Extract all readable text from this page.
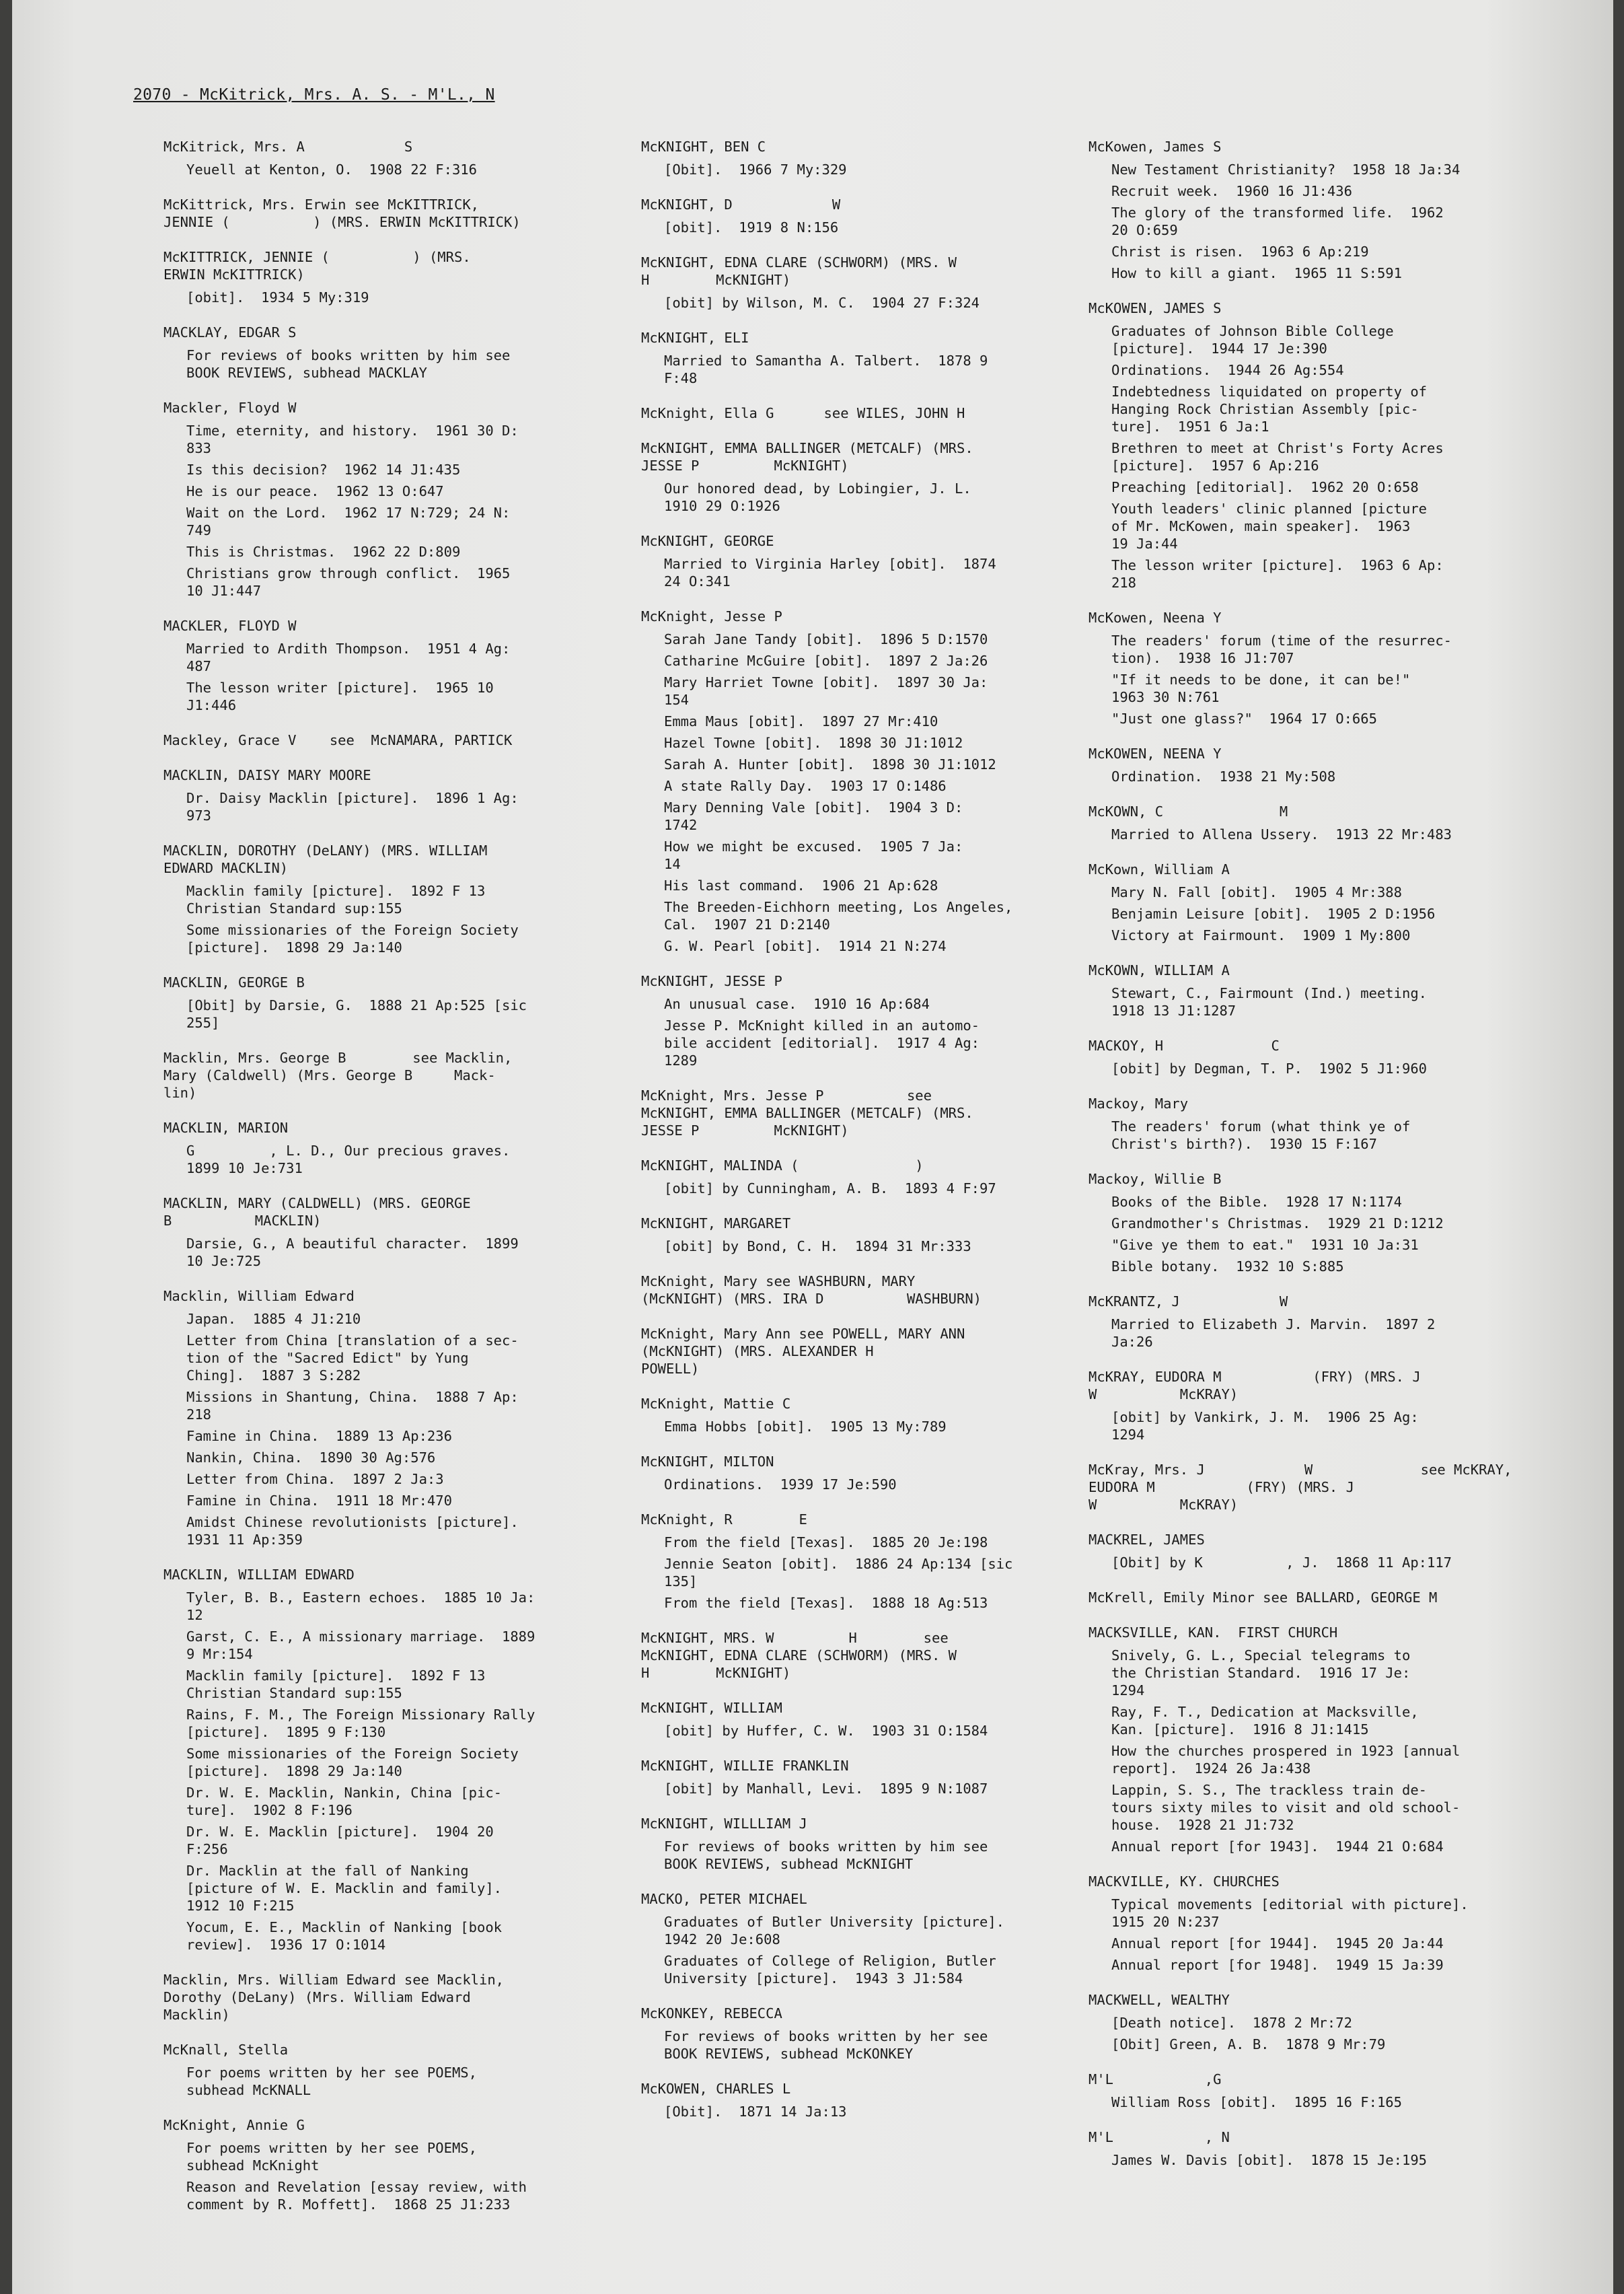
2070 - McKitrick, Mrs. A. S. - M'L., N
McKitrick, Mrs. A            S
Yeuell at Kenton, O.  1908 22 F:316
McKittrick, Mrs. Erwin see McKITTRICK,
JENNIE (          ) (MRS. ERWIN McKITTRICK)
McKITTRICK, JENNIE (          ) (MRS.
ERWIN McKITTRICK)
[obit].  1934 5 My:319
MACKLAY, EDGAR S
For reviews of books written by him see
BOOK REVIEWS, subhead MACKLAY
Mackler, Floyd W
Time, eternity, and history.  1961 30 D:
833
Is this decision?  1962 14 J1:435
He is our peace.  1962 13 O:647
Wait on the Lord.  1962 17 N:729; 24 N:
749
This is Christmas.  1962 22 D:809
Christians grow through conflict.  1965
10 J1:447
MACKLER, FLOYD W
Married to Ardith Thompson.  1951 4 Ag:
487
The lesson writer [picture].  1965 10
J1:446
Mackley, Grace V    see  McNAMARA, PARTICK
MACKLIN, DAISY MARY MOORE
Dr. Daisy Macklin [picture].  1896 1 Ag:
973
MACKLIN, DOROTHY (DeLANY) (MRS. WILLIAM
EDWARD MACKLIN)
Macklin family [picture].  1892 F 13
Christian Standard sup:155
Some missionaries of the Foreign Society
[picture].  1898 29 Ja:140
MACKLIN, GEORGE B
[Obit] by Darsie, G.  1888 21 Ap:525 [sic
255]
Macklin, Mrs. George B        see Macklin,
Mary (Caldwell) (Mrs. George B     Mack-
lin)
MACKLIN, MARION
G         , L. D., Our precious graves.
1899 10 Je:731
MACKLIN, MARY (CALDWELL) (MRS. GEORGE
B          MACKLIN)
Darsie, G., A beautiful character.  1899
10 Je:725
Macklin, William Edward
Japan.  1885 4 J1:210
Letter from China [translation of a sec-
tion of the "Sacred Edict" by Yung
Ching].  1887 3 S:282
Missions in Shantung, China.  1888 7 Ap:
218
Famine in China.  1889 13 Ap:236
Nankin, China.  1890 30 Ag:576
Letter from China.  1897 2 Ja:3
Famine in China.  1911 18 Mr:470
Amidst Chinese revolutionists [picture].
1931 11 Ap:359
MACKLIN, WILLIAM EDWARD
Tyler, B. B., Eastern echoes.  1885 10 Ja:
12
Garst, C. E., A missionary marriage.  1889
9 Mr:154
Macklin family [picture].  1892 F 13
Christian Standard sup:155
Rains, F. M., The Foreign Missionary Rally
[picture].  1895 9 F:130
Some missionaries of the Foreign Society
[picture].  1898 29 Ja:140
Dr. W. E. Macklin, Nankin, China [pic-
ture].  1902 8 F:196
Dr. W. E. Macklin [picture].  1904 20
F:256
Dr. Macklin at the fall of Nanking
[picture of W. E. Macklin and family].
1912 10 F:215
Yocum, E. E., Macklin of Nanking [book
review].  1936 17 O:1014
Macklin, Mrs. William Edward see Macklin,
Dorothy (DeLany) (Mrs. William Edward
Macklin)
McKnall, Stella
For poems written by her see POEMS,
subhead McKNALL
McKnight, Annie G
For poems written by her see POEMS,
subhead McKnight
Reason and Revelation [essay review, with
comment by R. Moffett].  1868 25 J1:233
McKNIGHT, BEN C
[Obit].  1966 7 My:329
McKNIGHT, D            W
[obit].  1919 8 N:156
McKNIGHT, EDNA CLARE (SCHWORM) (MRS. W
H        McKNIGHT)
[obit] by Wilson, M. C.  1904 27 F:324
McKNIGHT, ELI
Married to Samantha A. Talbert.  1878 9
F:48
McKnight, Ella G      see WILES, JOHN H
McKNIGHT, EMMA BALLINGER (METCALF) (MRS.
JESSE P         McKNIGHT)
Our honored dead, by Lobingier, J. L.
1910 29 O:1926
McKNIGHT, GEORGE
Married to Virginia Harley [obit].  1874
24 O:341
McKnight, Jesse P
Sarah Jane Tandy [obit].  1896 5 D:1570
Catharine McGuire [obit].  1897 2 Ja:26
Mary Harriet Towne [obit].  1897 30 Ja:
154
Emma Maus [obit].  1897 27 Mr:410
Hazel Towne [obit].  1898 30 J1:1012
Sarah A. Hunter [obit].  1898 30 J1:1012
A state Rally Day.  1903 17 O:1486
Mary Denning Vale [obit].  1904 3 D:
1742
How we might be excused.  1905 7 Ja:
14
His last command.  1906 21 Ap:628
The Breeden-Eichhorn meeting, Los Angeles,
Cal.  1907 21 D:2140
G. W. Pearl [obit].  1914 21 N:274
McKNIGHT, JESSE P
An unusual case.  1910 16 Ap:684
Jesse P. McKnight killed in an automo-
bile accident [editorial].  1917 4 Ag:
1289
McKnight, Mrs. Jesse P          see
McKNIGHT, EMMA BALLINGER (METCALF) (MRS.
JESSE P         McKNIGHT)
McKNIGHT, MALINDA (              )
[obit] by Cunningham, A. B.  1893 4 F:97
McKNIGHT, MARGARET
[obit] by Bond, C. H.  1894 31 Mr:333
McKnight, Mary see WASHBURN, MARY
(McKNIGHT) (MRS. IRA D          WASHBURN)
McKnight, Mary Ann see POWELL, MARY ANN
(McKNIGHT) (MRS. ALEXANDER H
POWELL)
McKnight, Mattie C
Emma Hobbs [obit].  1905 13 My:789
McKNIGHT, MILTON
Ordinations.  1939 17 Je:590
McKnight, R        E
From the field [Texas].  1885 20 Je:198
Jennie Seaton [obit].  1886 24 Ap:134 [sic
135]
From the field [Texas].  1888 18 Ag:513
McKNIGHT, MRS. W         H        see
McKNIGHT, EDNA CLARE (SCHWORM) (MRS. W
H        McKNIGHT)
McKNIGHT, WILLIAM
[obit] by Huffer, C. W.  1903 31 O:1584
McKNIGHT, WILLIE FRANKLIN
[obit] by Manhall, Levi.  1895 9 N:1087
McKNIGHT, WILLLIAM J
For reviews of books written by him see
BOOK REVIEWS, subhead McKNIGHT
MACKO, PETER MICHAEL
Graduates of Butler University [picture].
1942 20 Je:608
Graduates of College of Religion, Butler
University [picture].  1943 3 J1:584
McKONKEY, REBECCA
For reviews of books written by her see
BOOK REVIEWS, subhead McKONKEY
McKOWEN, CHARLES L
[Obit].  1871 14 Ja:13
McKowen, James S
New Testament Christianity?  1958 18 Ja:34
Recruit week.  1960 16 J1:436
The glory of the transformed life.  1962
20 O:659
Christ is risen.  1963 6 Ap:219
How to kill a giant.  1965 11 S:591
McKOWEN, JAMES S
Graduates of Johnson Bible College
[picture].  1944 17 Je:390
Ordinations.  1944 26 Ag:554
Indebtedness liquidated on property of
Hanging Rock Christian Assembly [pic-
ture].  1951 6 Ja:1
Brethren to meet at Christ's Forty Acres
[picture].  1957 6 Ap:216
Preaching [editorial].  1962 20 O:658
Youth leaders' clinic planned [picture
of Mr. McKowen, main speaker].  1963
19 Ja:44
The lesson writer [picture].  1963 6 Ap:
218
McKowen, Neena Y
The readers' forum (time of the resurrec-
tion).  1938 16 J1:707
"If it needs to be done, it can be!"
1963 30 N:761
"Just one glass?"  1964 17 O:665
McKOWEN, NEENA Y
Ordination.  1938 21 My:508
McKOWN, C              M
Married to Allena Ussery.  1913 22 Mr:483
McKown, William A
Mary N. Fall [obit].  1905 4 Mr:388
Benjamin Leisure [obit].  1905 2 D:1956
Victory at Fairmount.  1909 1 My:800
McKOWN, WILLIAM A
Stewart, C., Fairmount (Ind.) meeting.
1918 13 J1:1287
MACKOY, H             C
[obit] by Degman, T. P.  1902 5 J1:960
Mackoy, Mary
The readers' forum (what think ye of
Christ's birth?).  1930 15 F:167
Mackoy, Willie B
Books of the Bible.  1928 17 N:1174
Grandmother's Christmas.  1929 21 D:1212
"Give ye them to eat."  1931 10 Ja:31
Bible botany.  1932 10 S:885
McKRANTZ, J            W
Married to Elizabeth J. Marvin.  1897 2
Ja:26
McKRAY, EUDORA M           (FRY) (MRS. J
W          McKRAY)
[obit] by Vankirk, J. M.  1906 25 Ag:
1294
McKray, Mrs. J            W             see McKRAY,
EUDORA M           (FRY) (MRS. J
W          McKRAY)
MACKREL, JAMES
[Obit] by K          , J.  1868 11 Ap:117
McKrell, Emily Minor see BALLARD, GEORGE M
MACKSVILLE, KAN.  FIRST CHURCH
Snively, G. L., Special telegrams to
the Christian Standard.  1916 17 Je:
1294
Ray, F. T., Dedication at Macksville,
Kan. [picture].  1916 8 J1:1415
How the churches prospered in 1923 [annual
report].  1924 26 Ja:438
Lappin, S. S., The trackless train de-
tours sixty miles to visit and old school-
house.  1928 21 J1:732
Annual report [for 1943].  1944 21 O:684
MACKVILLE, KY. CHURCHES
Typical movements [editorial with picture].
1915 20 N:237
Annual report [for 1944].  1945 20 Ja:44
Annual report [for 1948].  1949 15 Ja:39
MACKWELL, WEALTHY
[Death notice].  1878 2 Mr:72
[Obit] Green, A. B.  1878 9 Mr:79
M'L           ,G
William Ross [obit].  1895 16 F:165
M'L           , N
James W. Davis [obit].  1878 15 Je:195
